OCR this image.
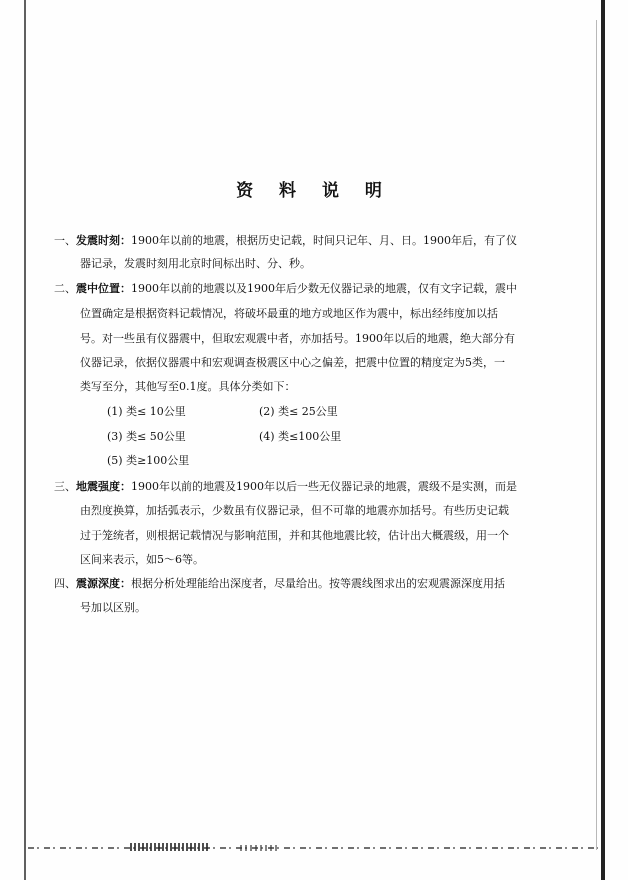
资 料 说 明
一、发震时刻：1900年以前的地震，根据历史记载，时间只记年、月、日。1900年后，有了仪
器记录，发震时刻用北京时间标出时、分、秒。
二、震中位置：1900年以前的地震以及1900年后少数无仪器记录的地震，仅有文字记载，震中
位置确定是根据资料记载情况，将破坏最重的地方或地区作为震中，标出经纬度加以括
号。对一些虽有仪器震中，但取宏观震中者，亦加括号。1900年以后的地震，绝大部分有
仪器记录，依据仪器震中和宏观调查极震区中心之偏差，把震中位置的精度定为5类，一
类写至分，其他写至0.1度。具体分类如下：
(1) 类≤ 10公里	(2) 类≤ 25公里
(3) 类≤ 50公里	(4) 类≤100公里
(5) 类≥100公里
三、地震强度：1900年以前的地震及1900年以后一些无仪器记录的地震，震级不是实测，而是
由烈度换算，加括弧表示，少数虽有仪器记录，但不可靠的地震亦加括号。有些历史记载
过于笼统者，则根据记载情况与影响范围，并和其他地震比较，估计出大概震级，用一个
区间来表示，如5～6等。
四、震源深度：根据分析处理能给出深度者，尽量给出。按等震线图求出的宏观震源深度用括
号加以区别。
